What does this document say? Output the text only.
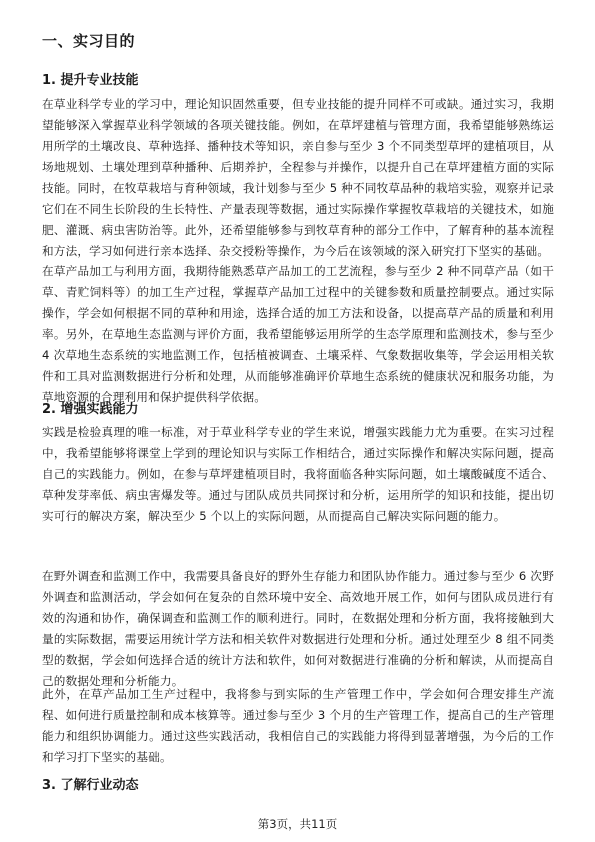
一、实习目的
1. 提升专业技能

在草业科学专业的学习中，理论知识固然重要，但专业技能的提升同样不可或缺。通过实习，我期望能够深入掌握草业科学领域的各项关键技能。例如，在草坪建植与管理方面，我希望能够熟练运用所学的土壤改良、草种选择、播种技术等知识，亲自参与至少 3 个不同类型草坪的建植项目，从场地规划、土壤处理到草种播种、后期养护，全程参与并操作，以提升自己在草坪建植方面的实际技能。同时，在牧草栽培与育种领域，我计划参与至少 5 种不同牧草品种的栽培实验，观察并记录它们在不同生长阶段的生长特性、产量表现等数据，通过实际操作掌握牧草栽培的关键技术，如施肥、灌溉、病虫害防治等。此外，还希望能够参与到牧草育种的部分工作中，了解育种的基本流程和方法，学习如何进行亲本选择、杂交授粉等操作，为今后在该领域的深入研究打下坚实的基础。

在草产品加工与利用方面，我期待能熟悉草产品加工的工艺流程，参与至少 2 种不同草产品（如干草、青贮饲料等）的加工生产过程，掌握草产品加工过程中的关键参数和质量控制要点。通过实际操作，学会如何根据不同的草种和用途，选择合适的加工方法和设备，以提高草产品的质量和利用率。另外，在草地生态监测与评价方面，我希望能够运用所学的生态学原理和监测技术，参与至少 4 次草地生态系统的实地监测工作，包括植被调查、土壤采样、气象数据收集等，学会运用相关软件和工具对监测数据进行分析和处理，从而能够准确评价草地生态系统的健康状况和服务功能，为草地资源的合理利用和保护提供科学依据。

2. 增强实践能力

实践是检验真理的唯一标准，对于草业科学专业的学生来说，增强实践能力尤为重要。在实习过程中，我希望能够将课堂上学到的理论知识与实际工作相结合，通过实际操作和解决实际问题，提高自己的实践能力。例如，在参与草坪建植项目时，我将面临各种实际问题，如土壤酸碱度不适合、草种发芽率低、病虫害爆发等。通过与团队成员共同探讨和分析，运用所学的知识和技能，提出切实可行的解决方案，解决至少 5 个以上的实际问题，从而提高自己解决实际问题的能力。

在野外调查和监测工作中，我需要具备良好的野外生存能力和团队协作能力。通过参与至少 6 次野外调查和监测活动，学会如何在复杂的自然环境中安全、高效地开展工作，如何与团队成员进行有效的沟通和协作，确保调查和监测工作的顺利进行。同时，在数据处理和分析方面，我将接触到大量的实际数据，需要运用统计学方法和相关软件对数据进行处理和分析。通过处理至少 8 组不同类型的数据，学会如何选择合适的统计方法和软件，如何对数据进行准确的分析和解读，从而提高自己的数据处理和分析能力。

此外，在草产品加工生产过程中，我将参与到实际的生产管理工作中，学会如何合理安排生产流程、如何进行质量控制和成本核算等。通过参与至少 3 个月的生产管理工作，提高自己的生产管理能力和组织协调能力。通过这些实践活动，我相信自己的实践能力将得到显著增强，为今后的工作和学习打下坚实的基础。

3. 了解行业动态
第3页，共11页
